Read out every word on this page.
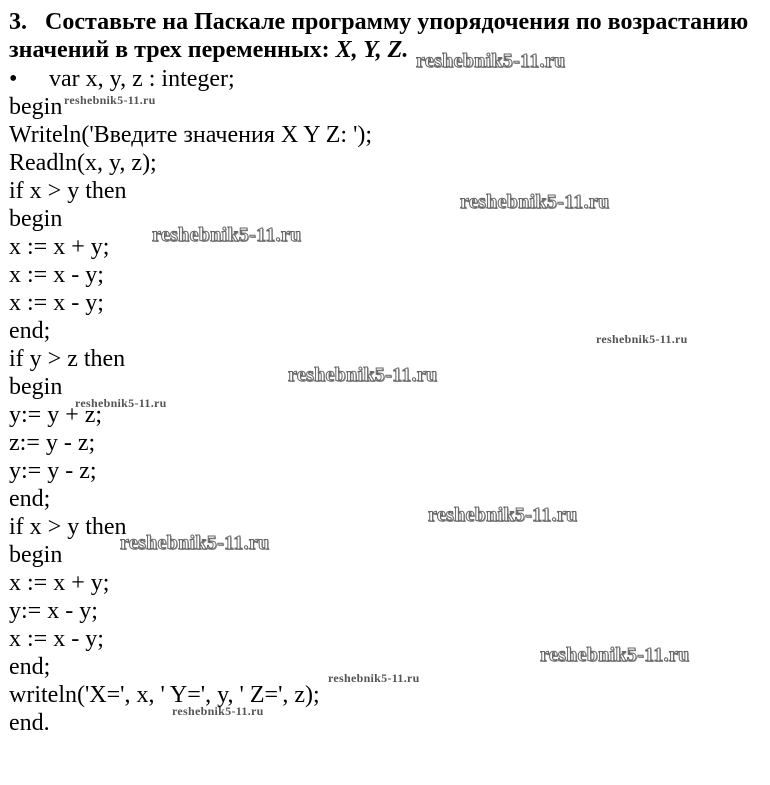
3. Составьте на Паскале программу упорядочения по возрастанию
значений в трех переменных: X, Y, Z.
• var x, y, z : integer;
begin
Writeln('Введите значения X Y Z: ');
Readln(x, y, z);
if x > y then
begin
x := x + y;
x := x - y;
x := x - y;
end;
if y > z then
begin
y:= y + z;
z:= y - z;
y:= y - z;
end;
if x > y then
begin
x := x + y;
y:= x - y;
x := x - y;
end;
writeln('X=', x, ' Y=', y, ' Z=', z);
end.
reshebnik5-11.ru
reshebnik5-11.ru
reshebnik5-11.ru
reshebnik5-11.ru
reshebnik5-11.ru
reshebnik5-11.ru
reshebnik5-11.ru
reshebnik5-11.ru
reshebnik5-11.ru
reshebnik5-11.ru
reshebnik5-11.ru
reshebnik5-11.ru
